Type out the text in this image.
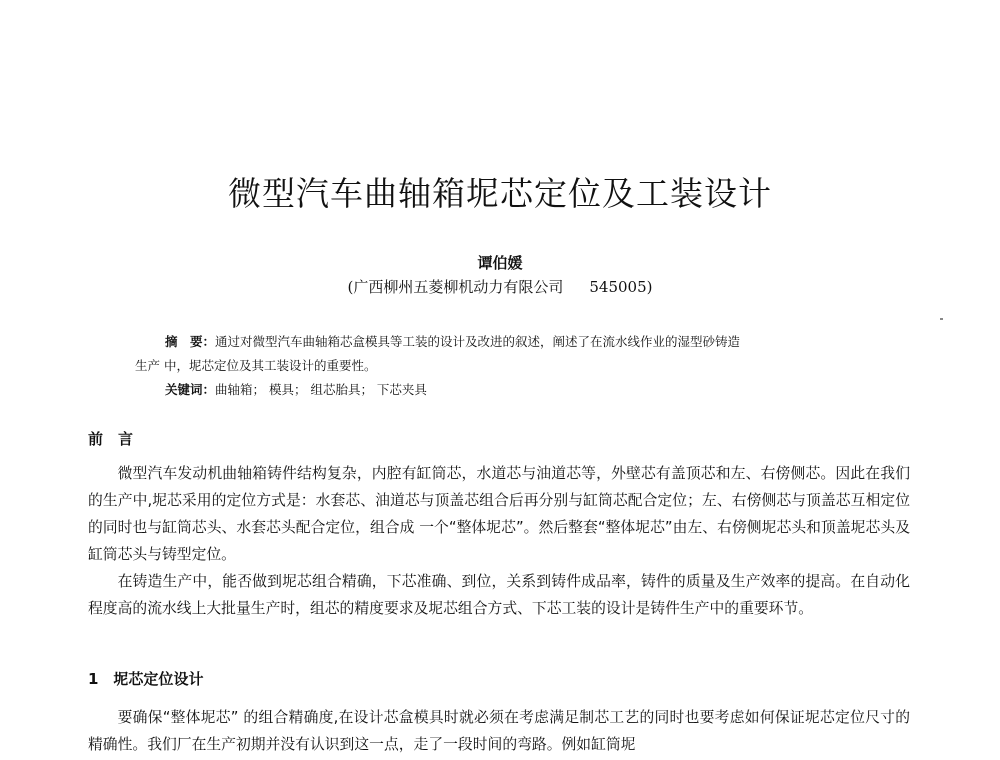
微型汽车曲轴箱坭芯定位及工装设计
谭伯媛
(广西柳州五菱柳机动力有限公司 545005)
摘　要：通过对微型汽车曲轴箱芯盒模具等工装的设计及改进的叙述，阐述了在流水线作业的湿型砂铸造
生产 中，坭芯定位及其工装设计的重要性。
关键词：曲轴箱； 模具； 组芯胎具； 下芯夹具
前　言

微型汽车发动机曲轴箱铸件结构复杂，内腔有缸筒芯，水道芯与油道芯等，外壁芯有盖顶芯和左、右傍侧芯。因此在我们的生产中,坭芯采用的定位方式是：水套芯、油道芯与顶盖芯组合后再分别与缸筒芯配合定位；左、右傍侧芯与顶盖芯互相定位的同时也与缸筒芯头、水套芯头配合定位，组合成 一个“整体坭芯”。然后整套“整体坭芯”由左、右傍侧坭芯头和顶盖坭芯头及缸筒芯头与铸型定位。

在铸造生产中，能否做到坭芯组合精确，下芯准确、到位，关系到铸件成品率，铸件的质量及生产效率的提高。在自动化程度高的流水线上大批量生产时，组芯的精度要求及坭芯组合方式、下芯工装的设计是铸件生产中的重要环节。

1　坭芯定位设计

要确保“整体坭芯” 的组合精确度,在设计芯盒模具时就必须在考虑满足制芯工艺的同时也要考虑如何保证坭芯定位尺寸的精确性。我们厂在生产初期并没有认识到这一点，走了一段时间的弯路。例如缸筒坭
